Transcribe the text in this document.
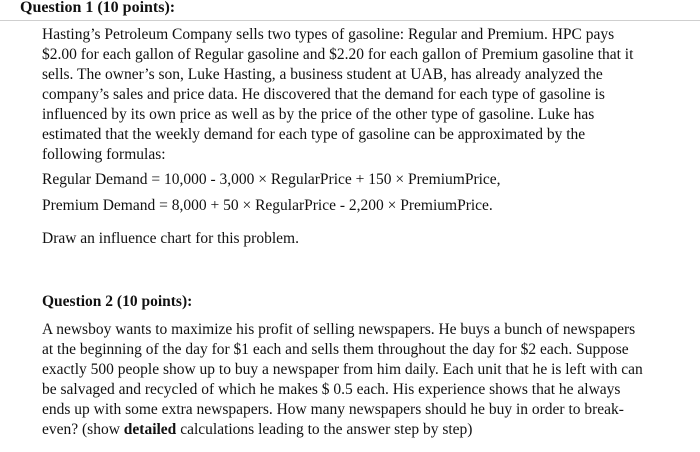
Question 1 (10 points):
Hasting’s Petroleum Company sells two types of gasoline: Regular and Premium. HPC pays
$2.00 for each gallon of Regular gasoline and $2.20 for each gallon of Premium gasoline that it
sells. The owner’s son, Luke Hasting, a business student at UAB, has already analyzed the
company’s sales and price data. He discovered that the demand for each type of gasoline is
influenced by its own price as well as by the price of the other type of gasoline. Luke has
estimated that the weekly demand for each type of gasoline can be approximated by the
following formulas:
Regular Demand = 10,000 - 3,000 × RegularPrice + 150 × PremiumPrice,
Premium Demand = 8,000 + 50 × RegularPrice - 2,200 × PremiumPrice.
Draw an influence chart for this problem.
Question 2 (10 points):
A newsboy wants to maximize his profit of selling newspapers. He buys a bunch of newspapers
at the beginning of the day for $1 each and sells them throughout the day for $2 each. Suppose
exactly 500 people show up to buy a newspaper from him daily. Each unit that he is left with can
be salvaged and recycled of which he makes $ 0.5 each. His experience shows that he always
ends up with some extra newspapers. How many newspapers should he buy in order to break-
even? (show detailed calculations leading to the answer step by step)
